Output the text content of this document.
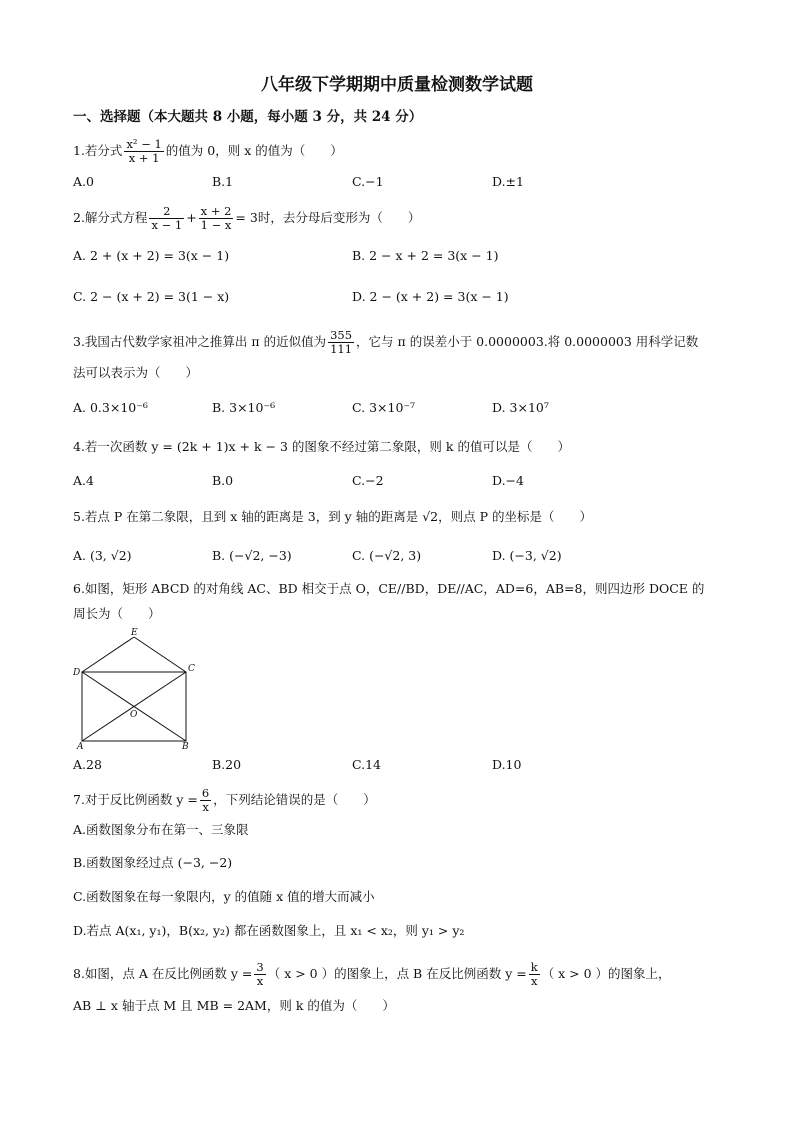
八年级下学期期中质量检测数学试题
一、选择题（本大题共 8 小题，每小题 3 分，共 24 分）
1.若分式 $\frac{\text{x² − 1}}{x + 1}$ 的值为 0，则 x 的值为（　　）
A.0	B.1	C.−1	D.±1
2.解分式方程 $\frac{2}{x - 1} + \frac{x + 2}{1 - x} = 3$时，去分母后变形为（　　）
A. 2 + (x + 2) = 3(x − 1)	B. 2 − x + 2 = 3(x − 1)
C. 2 − (x + 2) = 3(1 − x)	D. 2 − (x + 2) = 3(x − 1)
3.我国古代数学家祖冲之推算出 π 的近似值为 $\frac{355}{111}$ ，它与 π 的误差小于 0.0000003.将 0.0000003 用科学记数
法可以表示为（　　）
A. 0.3×10⁻⁶	B. 3×10⁻⁶	C. 3×10⁻⁷	D. 3×10⁷
4.若一次函数 y = (2k + 1)x + k − 3 的图象不经过第二象限，则 k 的值可以是（　　）
A.4	B.0	C.−2	D.−4
5.若点 P 在第二象限，且到 x 轴的距离是 3，到 y 轴的距离是 √2，则点 P 的坐标是（　　）
A. (3, √2)	B. (−√2, −3)	C. (−√2, 3)	D. (−3, √2)
6.如图，矩形 ABCD 的对角线 AC、BD 相交于点 O，CE//BD，DE//AC，AD=6，AB=8，则四边形 DOCE 的
周长为（　　）
E
D	C
O
A	B
A.28	B.20	C.14	D.10
7.对于反比例函数 $y = \frac{6}{x}$ ，下列结论错误的是（　　）
A.函数图象分布在第一、三象限
B.函数图象经过点 (−3, −2)
C.函数图象在每一象限内，y 的值随 x 值的增大而减小
D.若点 A(x₁, y₁)，B(x₂, y₂) 都在函数图象上，且 x₁ < x₂，则 y₁ > y₂
8.如图，点 A 在反比例函数 $y = \frac{3}{x}$ （ x > 0 ）的图象上，点 B 在反比例函数 $y = \frac{k}{x}$ （ x > 0 ）的图象上，
AB ⊥ x 轴于点 M 且 MB = 2AM，则 k 的值为（　　）
